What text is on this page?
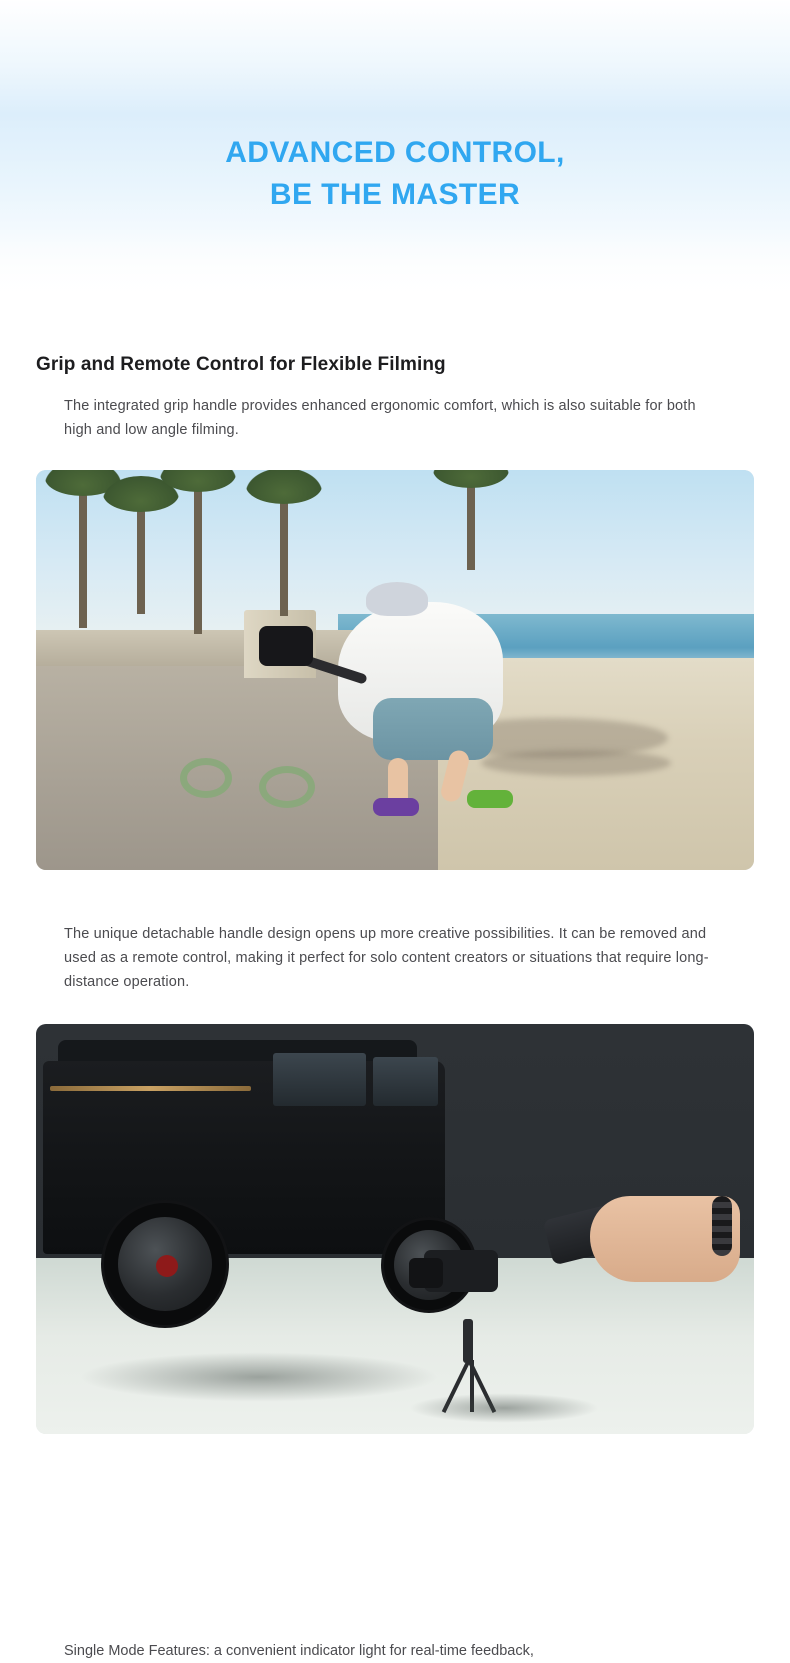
ADVANCED CONTROL,
BE THE MASTER
Grip and Remote Control for Flexible Filming

The integrated grip handle provides enhanced ergonomic comfort, which is also suitable for both high and low angle filming.

The unique detachable handle design opens up more creative possibilities. It can be removed and used as a remote control, making it perfect for solo content creators or situations that require long-distance operation.

Single Mode Features: a convenient indicator light for real-time feedback,
